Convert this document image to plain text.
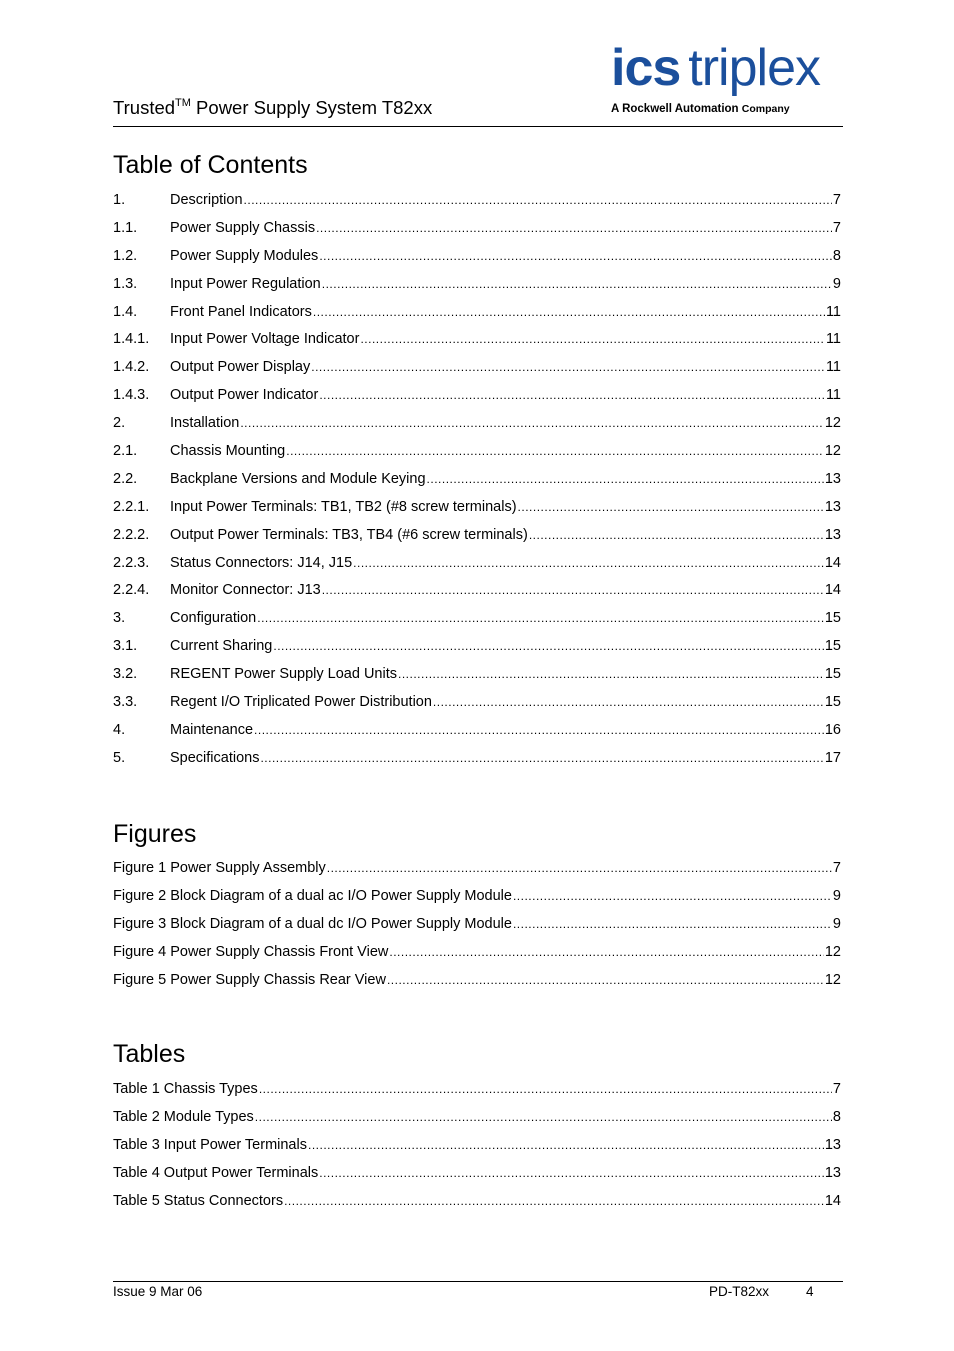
Trusted™ Power Supply System T82xx
ics triplex
A Rockwell Automation Company
Table of Contents
1.	Description .....	7
1.1.	Power Supply Chassis .....	7
1.2.	Power Supply Modules .....	8
1.3.	Input Power Regulation .....	9
1.4.	Front Panel Indicators .....	11
1.4.1.	Input Power Voltage Indicator .....	11
1.4.2.	Output Power Display .....	11
1.4.3.	Output Power Indicator .....	11
2.	Installation .....	12
2.1.	Chassis Mounting .....	12
2.2.	Backplane Versions and Module Keying .....	13
2.2.1.	Input Power Terminals: TB1, TB2 (#8 screw terminals) .....	13
2.2.2.	Output Power Terminals: TB3, TB4 (#6 screw terminals) .....	13
2.2.3.	Status Connectors: J14, J15 .....	14
2.2.4.	Monitor Connector: J13 .....	14
3.	Configuration .....	15
3.1.	Current Sharing .....	15
3.2.	REGENT Power Supply Load Units .....	15
3.3.	Regent I/O Triplicated Power Distribution .....	15
4.	Maintenance .....	16
5.	Specifications .....	17
Figures
Figure 1 Power Supply Assembly .....	7
Figure 2 Block Diagram of a dual ac I/O Power Supply Module .....	9
Figure 3 Block Diagram of a dual dc I/O Power Supply Module .....	9
Figure 4 Power Supply Chassis Front View .....	12
Figure 5 Power Supply Chassis Rear View .....	12
Tables
Table 1 Chassis Types .....	7
Table 2 Module Types .....	8
Table 3 Input Power Terminals .....	13
Table 4 Output Power Terminals .....	13
Table 5 Status Connectors .....	14
Issue 9 Mar 06	PD-T82xx	4
